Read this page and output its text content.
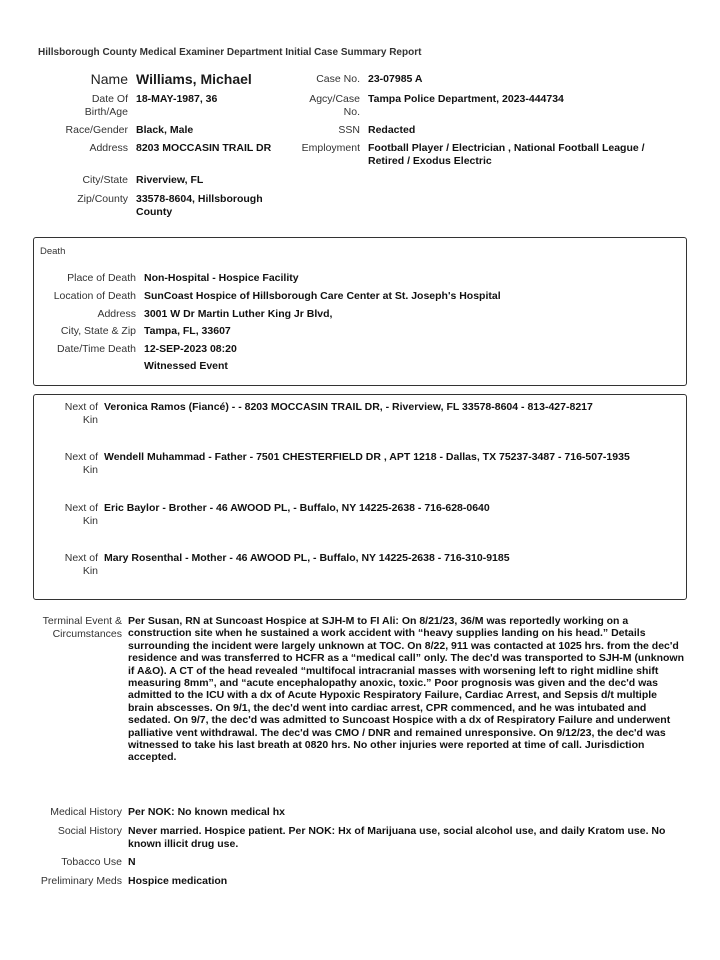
Hillsborough County Medical Examiner Department Initial Case Summary Report
Name Williams, Michael
Date Of Birth/Age
18-MAY-1987, 36
Race/Gender Black, Male
Address 8203 MOCCASIN TRAIL DR
City/State Riverview, FL
Zip/County 33578-8604, Hillsborough County
Case No. 23-07985 A
Agcy/Case No.
Tampa Police Department, 2023-444734
SSN Redacted
Employment Football Player / Electrician , National Football League / Retired / Exodus Electric
Death
Place of Death Non-Hospital - Hospice Facility
Location of Death SunCoast Hospice of Hillsborough Care Center at St. Joseph's Hospital
Address 3001 W Dr Martin Luther King Jr Blvd,
City, State & Zip Tampa, FL, 33607
Date/Time Death 12-SEP-2023 08:20
Witnessed Event
Next of Kin
Veronica Ramos (Fiancé) - - 8203 MOCCASIN TRAIL DR, - Riverview, FL 33578-8604 - 813-427-8217
Next of Kin
Wendell Muhammad - Father - 7501 CHESTERFIELD DR , APT 1218 - Dallas, TX 75237-3487 - 716-507-1935
Next of Kin
Eric Baylor - Brother - 46 AWOOD PL, - Buffalo, NY 14225-2638 - 716-628-0640
Next of Kin
Mary Rosenthal - Mother - 46 AWOOD PL, - Buffalo, NY 14225-2638 - 716-310-9185
Terminal Event & Circumstances
Per Susan, RN at Suncoast Hospice at SJH-M to FI Ali: On 8/21/23, 36/M was reportedly working on a construction site when he sustained a work accident with “heavy supplies landing on his head.” Details surrounding the incident were largely unknown at TOC. On 8/22, 911 was contacted at 1025 hrs. from the dec'd residence and was transferred to HCFR as a “medical call” only. The dec'd was transported to SJH-M (unknown if A&O). A CT of the head revealed “multifocal intracranial masses with worsening left to right midline shift measuring 8mm”, and “acute encephalopathy anoxic, toxic.” Poor prognosis was given and the dec'd was admitted to the ICU with a dx of Acute Hypoxic Respiratory Failure, Cardiac Arrest, and Sepsis d/t multiple brain abscesses. On 9/1, the dec'd went into cardiac arrest, CPR commenced, and he was intubated and sedated. On 9/7, the dec'd was admitted to Suncoast Hospice with a dx of Respiratory Failure and underwent palliative vent withdrawal. The dec'd was CMO / DNR and remained unresponsive. On 9/12/23, the dec'd was witnessed to take his last breath at 0820 hrs. No other injuries were reported at time of call. Jurisdiction accepted.
Medical History Per NOK: No known medical hx
Social History Never married. Hospice patient. Per NOK: Hx of Marijuana use, social alcohol use, and daily Kratom use. No known illicit drug use.
Tobacco Use N
Preliminary Meds Hospice medication
